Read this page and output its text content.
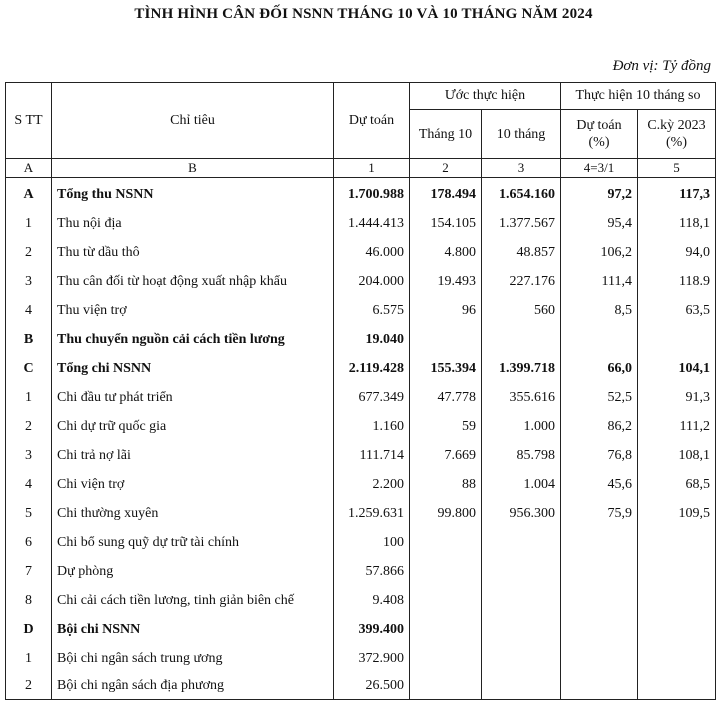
TÌNH HÌNH CÂN ĐỐI NSNN THÁNG 10 VÀ 10 THÁNG NĂM 2024
Đơn vị: Tỷ đồng
S TT	Chỉ tiêu	Dự toán	Ước thực hiện		Thực hiện 10 tháng so	
			Tháng 10	10 tháng	Dự toán (%)	C.kỳ 2023 (%)
A	B	1	2	3	4=3/1	5
A	Tổng thu NSNN	1.700.988	178.494	1.654.160	97,2	117,3
1	Thu nội địa	1.444.413	154.105	1.377.567	95,4	118,1
2	Thu từ dầu thô	46.000	4.800	48.857	106,2	94,0
3	Thu cân đối từ hoạt động xuất nhập khẩu	204.000	19.493	227.176	111,4	118.9
4	Thu viện trợ	6.575	96	560	8,5	63,5
B	Thu chuyển nguồn cải cách tiền lương	19.040				
C	Tổng chi NSNN	2.119.428	155.394	1.399.718	66,0	104,1
1	Chi đầu tư phát triển	677.349	47.778	355.616	52,5	91,3
2	Chi dự trữ quốc gia	1.160	59	1.000	86,2	111,2
3	Chi trả nợ lãi	111.714	7.669	85.798	76,8	108,1
4	Chi viện trợ	2.200	88	1.004	45,6	68,5
5	Chi thường xuyên	1.259.631	99.800	956.300	75,9	109,5
6	Chi bổ sung quỹ dự trữ tài chính	100				
7	Dự phòng	57.866				
8	Chi cải cách tiền lương, tinh giản biên chế	9.408				
D	Bội chi NSNN	399.400				
1	Bội chi ngân sách trung ương	372.900				
2	Bội chi ngân sách địa phương	26.500				
